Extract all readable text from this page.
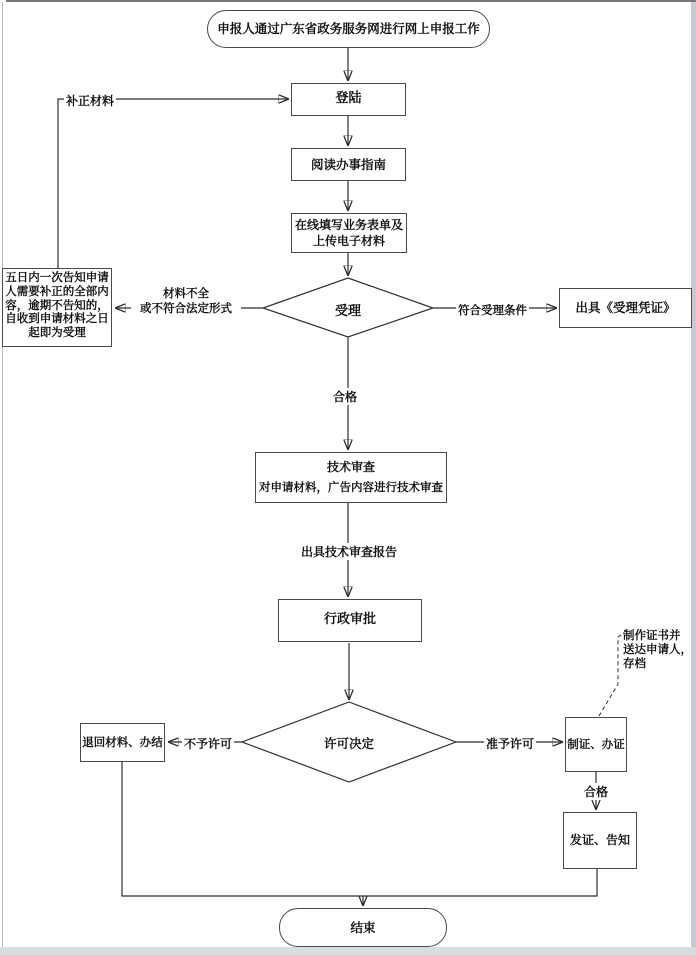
申报人通过广东省政务服务网进行网上申报工作
登陆
阅读办事指南
在线填写业务表单及
上传电子材料
受理	出具《受理凭证》
五日内一次告知申请人需要补正的全部内容，逾期不告知的，自收到申请材料之日起即为受理
技术审查
对申请材料，广告内容进行技术审查
行政审批
许可决定
退回材料、办结	制证、办证
发证、告知
结束
补正材料
材料不全
或不符合法定形式	符合受理条件
合格
出具技术审查报告
不予许可	准予许可
合格
制作证书并
送达申请人，
存档
